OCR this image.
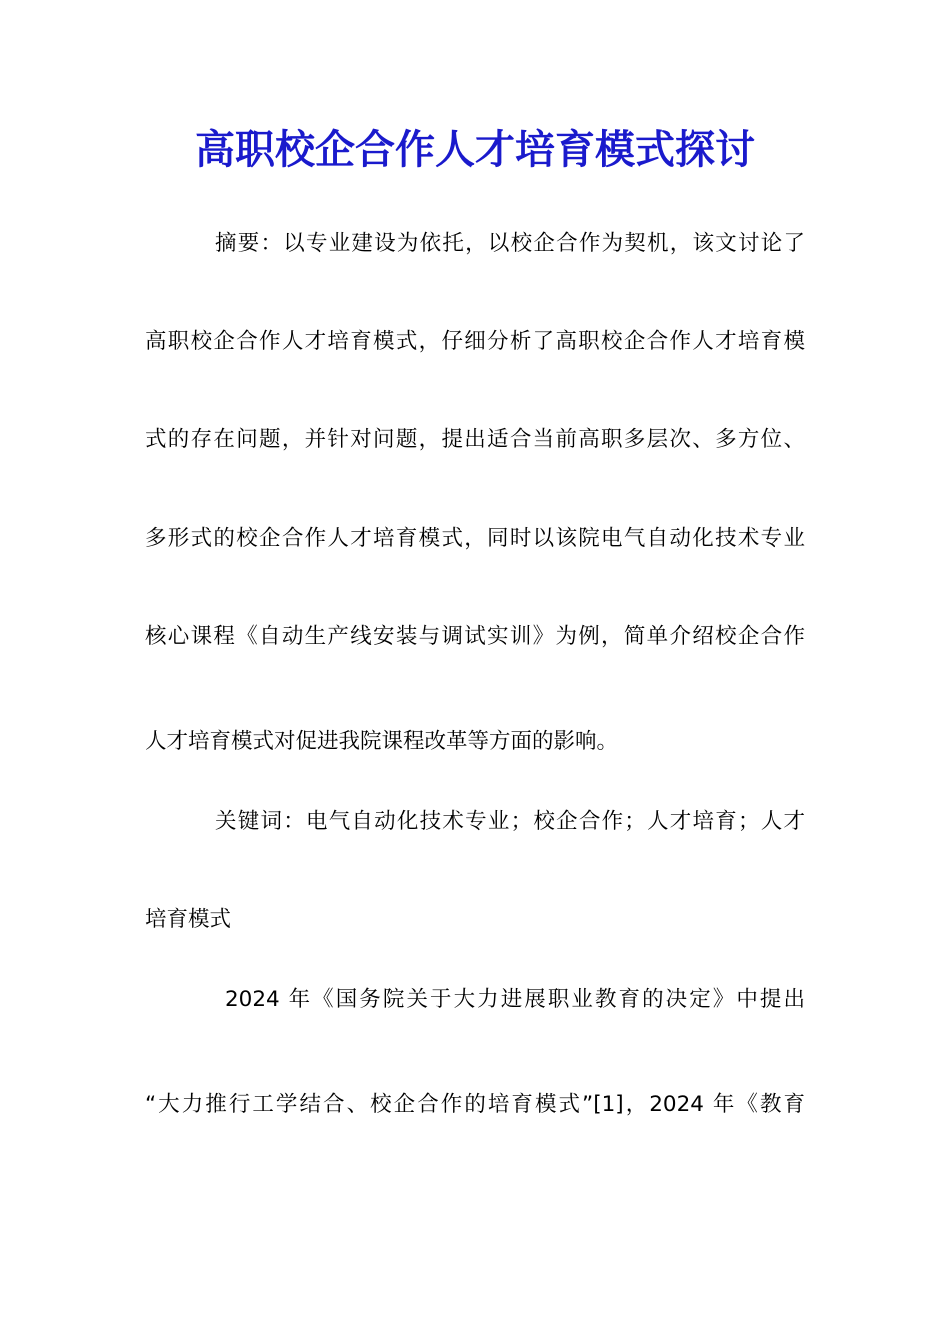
高职校企合作人才培育模式探讨
摘要：以专业建设为依托，以校企合作为契机，该文讨论了
高职校企合作人才培育模式，仔细分析了高职校企合作人才培育模
式的存在问题，并针对问题，提出适合当前高职多层次、多方位、
多形式的校企合作人才培育模式，同时以该院电气自动化技术专业
核心课程《自动生产线安装与调试实训》为例，简单介绍校企合作
人才培育模式对促进我院课程改革等方面的影响。
关键词：电气自动化技术专业；校企合作；人才培育；人才
培育模式
2024 年《国务院关于大力进展职业教育的决定》中提出
“大力推行工学结合、校企合作的培育模式”[1]，2024 年《教育
